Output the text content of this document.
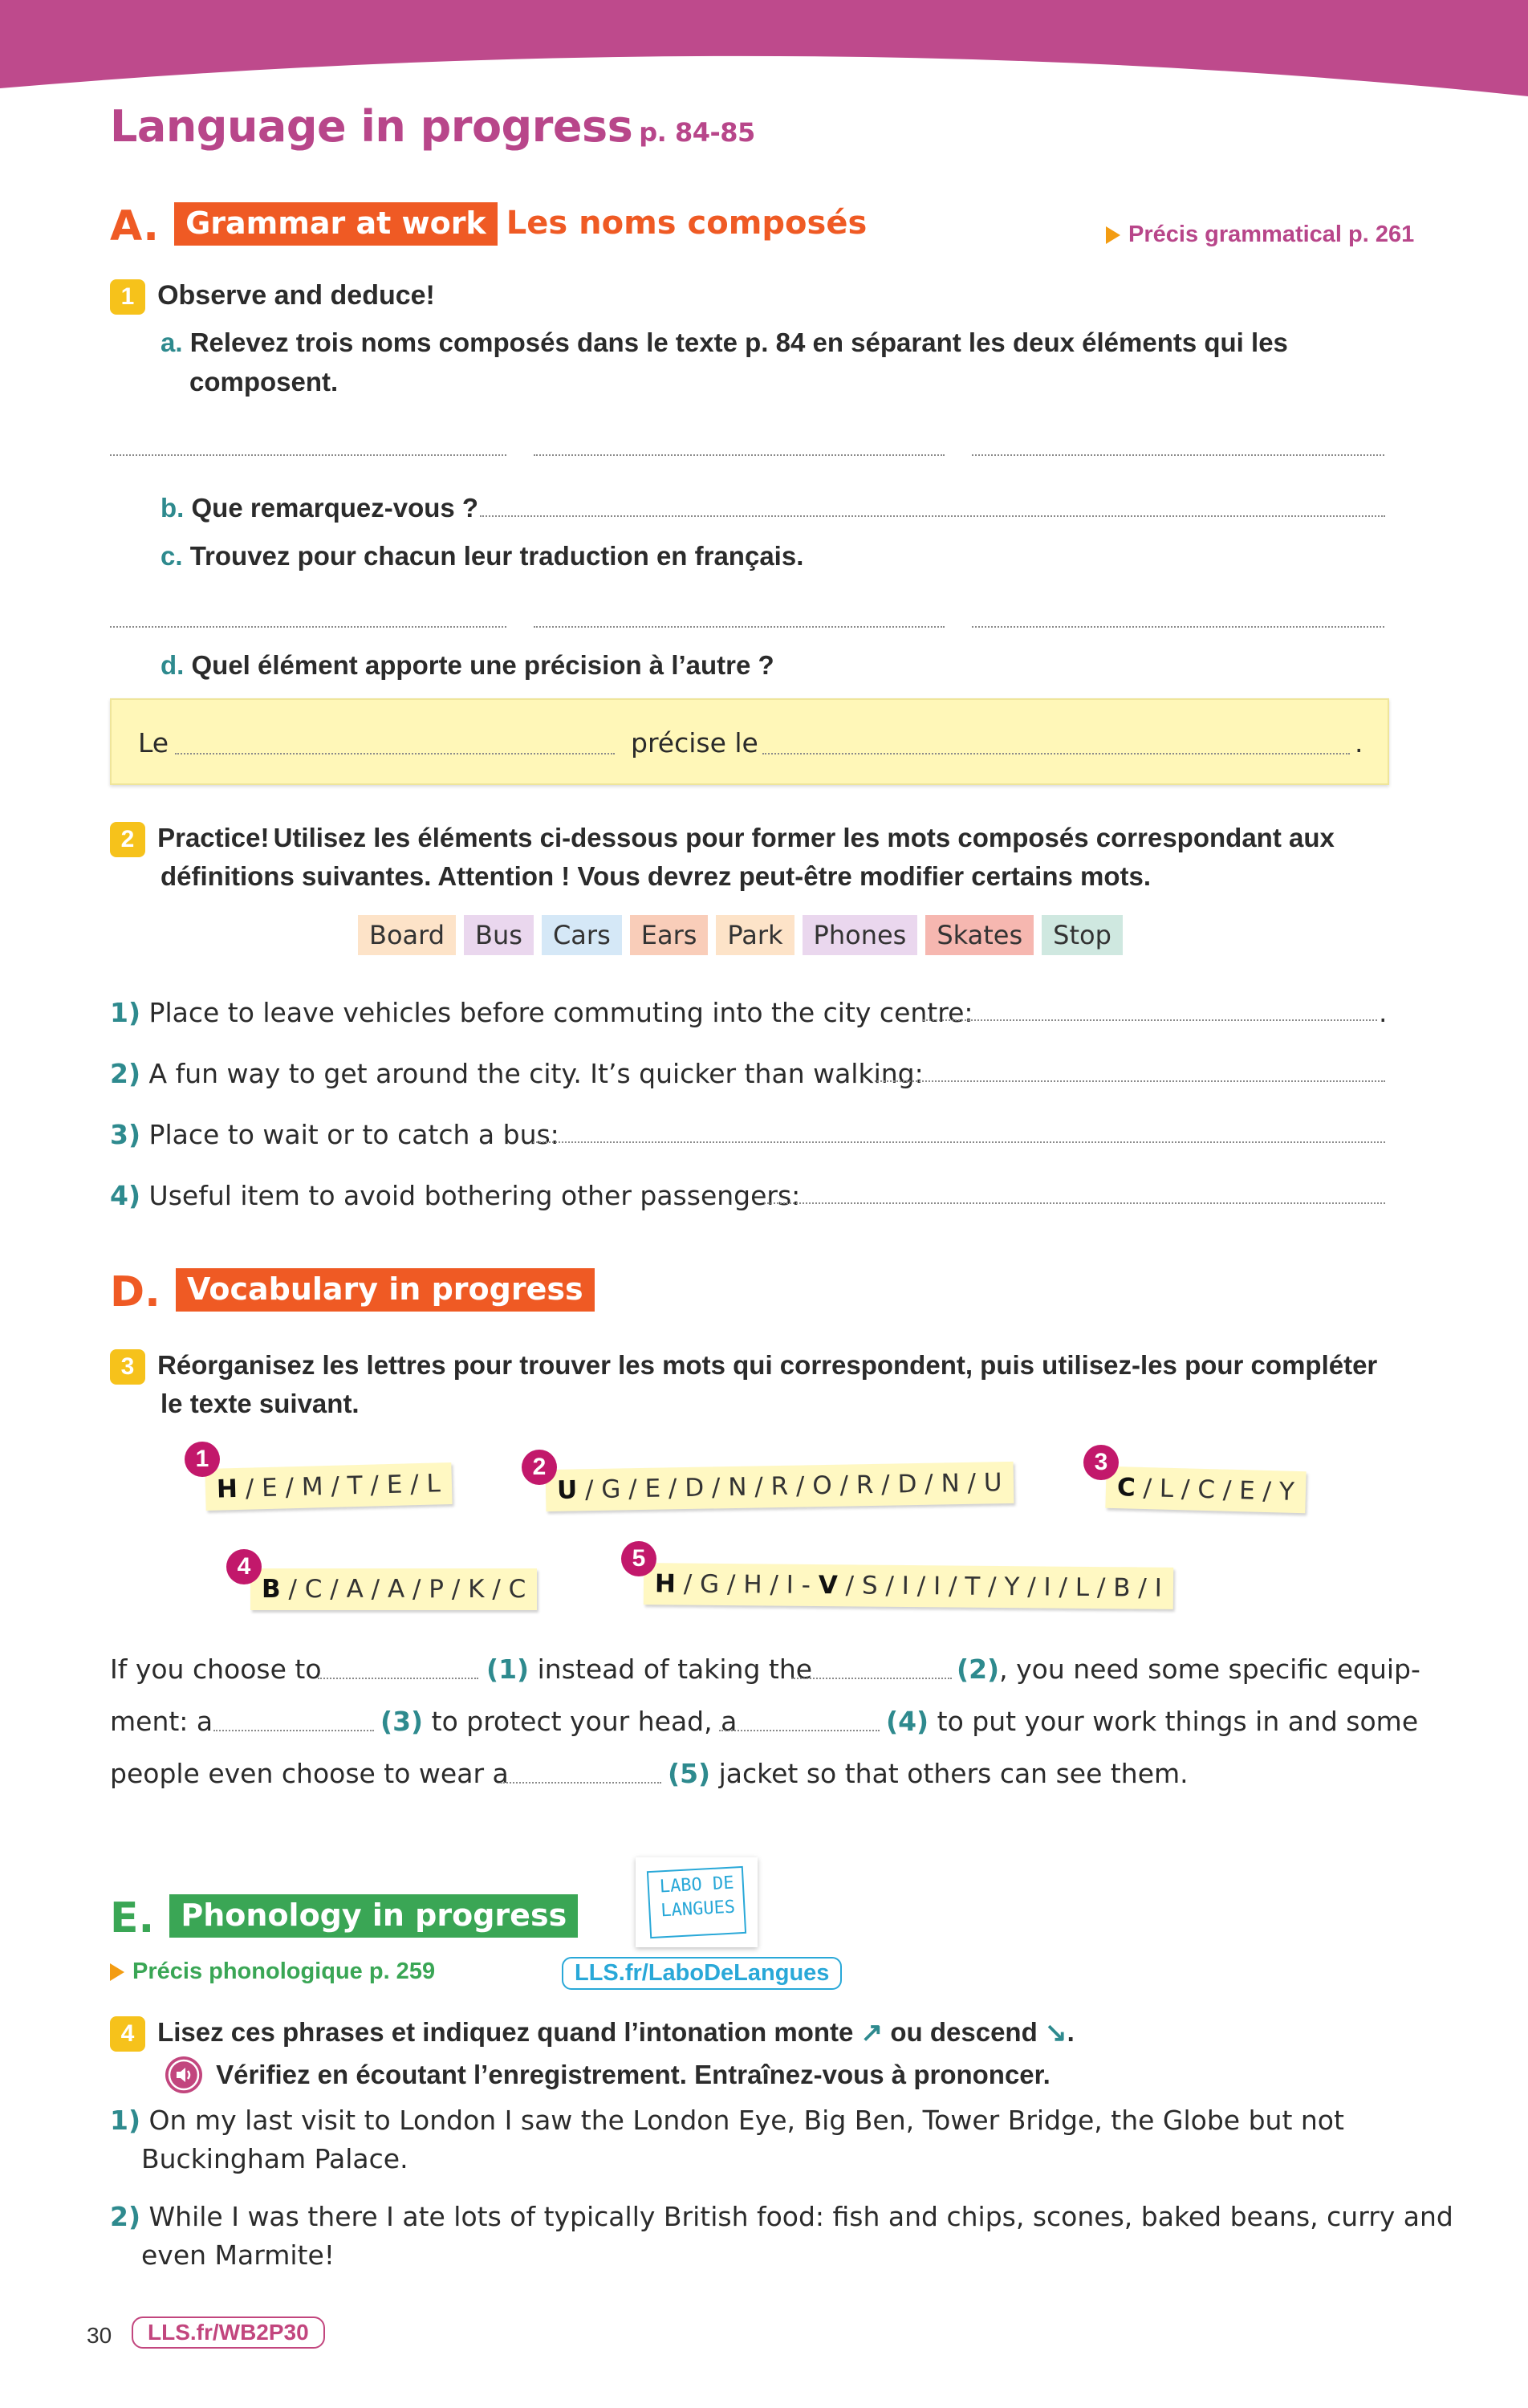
Language in progress p. 84-85
A. Grammar at work Les noms composés	Précis grammatical p. 261
1 Observe and deduce!
a. Relevez trois noms composés dans le texte p. 84 en séparant les deux éléments qui les
composent.
b. Que remarquez-vous ?
c. Trouvez pour chacun leur traduction en français.
d. Quel élément apporte une précision à l’autre ?
Le	précise le	.
2 Practice! Utilisez les éléments ci-dessous pour former les mots composés correspondant aux
définitions suivantes. Attention ! Vous devrez peut-être modifier certains mots.
Board Bus Cars Ears Park Phones Skates Stop
1) Place to leave vehicles before commuting into the city centre:	.
2) A fun way to get around the city. It’s quicker than walking:
3) Place to wait or to catch a bus:
4) Useful item to avoid bothering other passengers:
D. Vocabulary in progress
3 Réorganisez les lettres pour trouver les mots qui correspondent, puis utilisez-les pour compléter
le texte suivant.
H / E / M / T / E / L
1
U / G / E / D / N / R / O / R / D / N / U
2
C / L / C / E / Y
3
B / C / A / A / P / K / C
4
H / G / H / I - V / S / I / I / T / Y / I / L / B / I
5
If you choose to	(1) instead of taking the	(2), you need some specific equip-
ment: a	(3) to protect your head, a	(4) to put your work things in and some
people even choose to wear a	(5) jacket so that others can see them.
E. Phonology in progress
Précis phonologique p. 259
LABO DE
LANGUES
LLS.fr/LaboDeLangues
4 Lisez ces phrases et indiquez quand l’intonation monte ↗ ou descend ↘.
Vérifiez en écoutant l’enregistrement. Entraînez-vous à prononcer.
1) On my last visit to London I saw the London Eye, Big Ben, Tower Bridge, the Globe but not
Buckingham Palace.
2) While I was there I ate lots of typically British food: fish and chips, scones, baked beans, curry and
even Marmite!
30	LLS.fr/WB2P30
